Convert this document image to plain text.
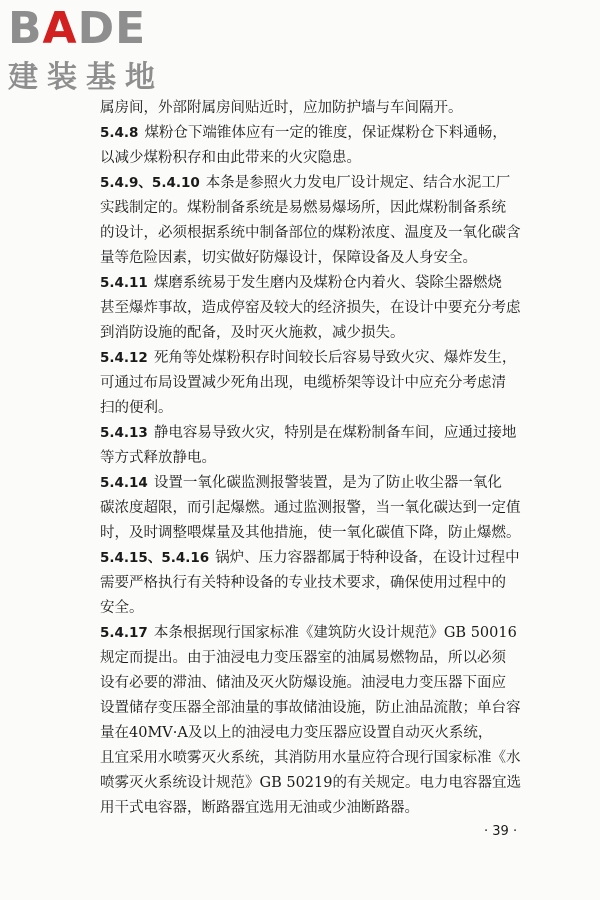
B A DE
建装基地
属房间，外部附属房间贴近时，应加防护墙与车间隔开。
5.4.8 煤粉仓下端锥体应有一定的锥度，保证煤粉仓下料通畅，
以减少煤粉积存和由此带来的火灾隐患。
5.4.9、5.4.10 本条是参照火力发电厂设计规定、结合水泥工厂
实践制定的。煤粉制备系统是易燃易爆场所，因此煤粉制备系统
的设计，必须根据系统中制备部位的煤粉浓度、温度及一氧化碳含
量等危险因素，切实做好防爆设计，保障设备及人身安全。
5.4.11 煤磨系统易于发生磨内及煤粉仓内着火、袋除尘器燃烧
甚至爆炸事故，造成停窑及较大的经济损失，在设计中要充分考虑
到消防设施的配备，及时灭火施救，减少损失。
5.4.12 死角等处煤粉积存时间较长后容易导致火灾、爆炸发生，
可通过布局设置减少死角出现，电缆桥架等设计中应充分考虑清
扫的便利。
5.4.13 静电容易导致火灾，特别是在煤粉制备车间，应通过接地
等方式释放静电。
5.4.14 设置一氧化碳监测报警装置，是为了防止收尘器一氧化
碳浓度超限，而引起爆燃。通过监测报警，当一氧化碳达到一定值
时，及时调整喂煤量及其他措施，使一氧化碳值下降，防止爆燃。
5.4.15、5.4.16 锅炉、压力容器都属于特种设备，在设计过程中
需要严格执行有关特种设备的专业技术要求，确保使用过程中的
安全。
5.4.17 本条根据现行国家标准《建筑防火设计规范》GB 50016
规定而提出。由于油浸电力变压器室的油属易燃物品，所以必须
设有必要的滞油、储油及灭火防爆设施。油浸电力变压器下面应
设置储存变压器全部油量的事故储油设施，防止油品流散；单台容
量在40MV·A及以上的油浸电力变压器应设置自动灭火系统，
且宜采用水喷雾灭火系统，其消防用水量应符合现行国家标准《水
喷雾灭火系统设计规范》GB 50219的有关规定。电力电容器宜选
用干式电容器，断路器宜选用无油或少油断路器。
· 39 ·
